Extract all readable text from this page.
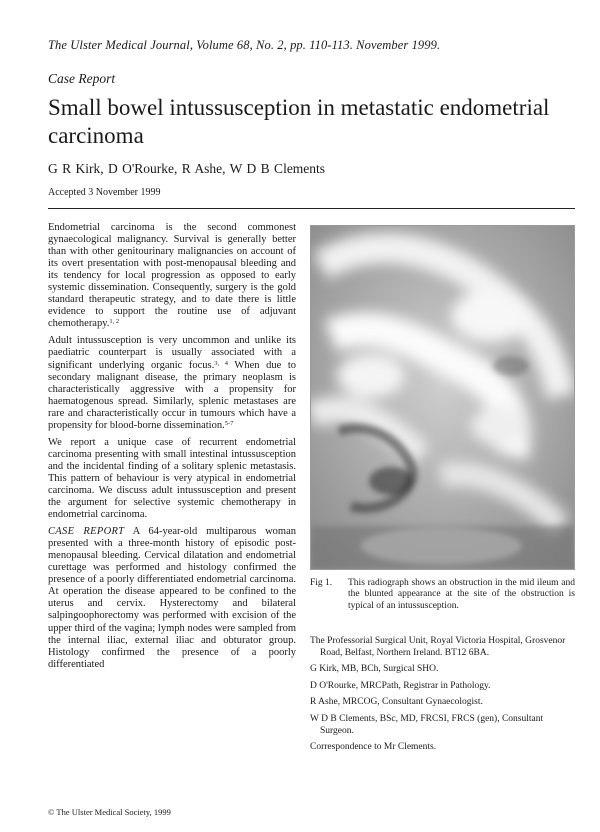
The Ulster Medical Journal, Volume 68, No. 2, pp. 110-113. November 1999.
Case Report
Small bowel intussusception in metastatic endometrial carcinoma
G R Kirk, D O'Rourke, R Ashe, W D B Clements
Accepted 3 November 1999

Endometrial carcinoma is the second commonest gynaecological malignancy. Survival is generally better than with other genitourinary malignancies on account of its overt presentation with post-menopausal bleeding and its tendency for local progression as opposed to early systemic dissemination. Consequently, surgery is the gold standard therapeutic strategy, and to date there is little evidence to support the routine use of adjuvant chemotherapy.$^{1, 2}$

Adult intussusception is very uncommon and unlike its paediatric counterpart is usually associated with a significant underlying organic focus.$^{3, 4}$ When due to secondary malignant disease, the primary neoplasm is characteristically aggressive with a propensity for haematogenous spread. Similarly, splenic metastases are rare and characteristically occur in tumours which have a propensity for blood-borne dissemination.$^{5-7}$

We report a unique case of recurrent endometrial carcinoma presenting with small intestinal intussusception and the incidental finding of a solitary splenic metastasis. This pattern of behaviour is very atypical in endometrial carcinoma. We discuss adult intussusception and present the argument for selective systemic chemotherapy in endometrial carcinoma.

CASE REPORT A 64-year-old multiparous woman presented with a three-month history of episodic post-menopausal bleeding. Cervical dilatation and endometrial curettage was performed and histology confirmed the presence of a poorly differentiated endometrial carcinoma. At operation the disease appeared to be confined to the uterus and cervix. Hysterectomy and bilateral salpingoophorectomy was performed with excision of the upper third of the vagina; lymph nodes were sampled from the internal iliac, external iliac and obturator group. Histology confirmed the presence of a poorly differentiated

Fig 1.	This radiograph shows an obstruction in the mid ileum and the blunted appearance at the site of the obstruction is typical of an intussusception.

The Professorial Surgical Unit, Royal Victoria Hospital, Grosvenor Road, Belfast, Northern Ireland. BT12 6BA.

G Kirk, MB, BCh, Surgical SHO.

D O'Rourke, MRCPath, Registrar in Pathology.

R Ashe, MRCOG, Consultant Gynaecologist.

W D B Clements, BSc, MD, FRCSI, FRCS (gen), Consultant Surgeon.

Correspondence to Mr Clements.

© The Ulster Medical Society, 1999
